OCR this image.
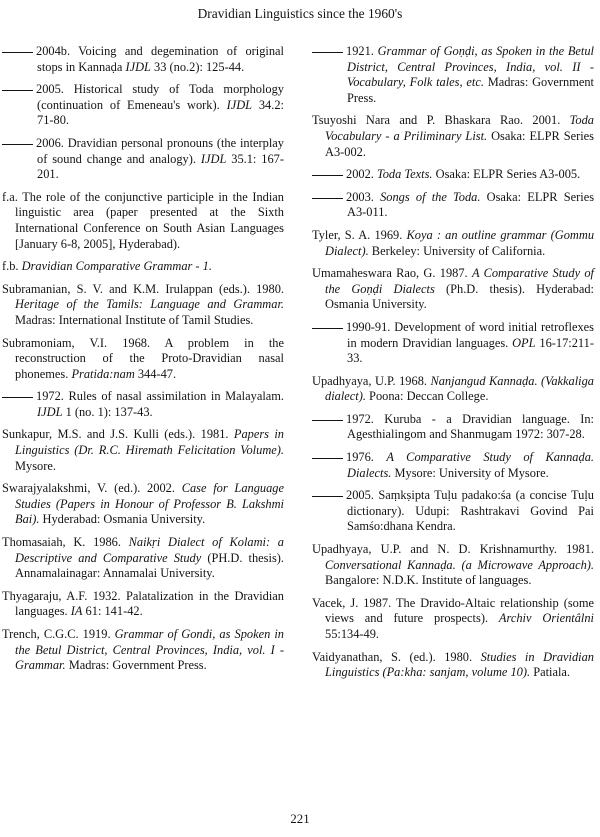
Dravidian Linguistics since the 1960's

2004b. Voicing and degemination of original stops in Kannaḍa IJDL 33 (no.2): 125-44.

2005. Historical study of Toda morphology (continuation of Emeneau's work). IJDL 34.2: 71-80.

2006. Dravidian personal pronouns (the interplay of sound change and analogy). IJDL 35.1: 167-201.

f.a. The role of the conjunctive participle in the Indian linguistic area (paper presented at the Sixth International Conference on South Asian Languages [January 6-8, 2005], Hyderabad).

f.b. Dravidian Comparative Grammar - 1.

Subramanian, S. V. and K.M. Irulappan (eds.). 1980. Heritage of the Tamils: Language and Grammar. Madras: International Institute of Tamil Studies.

Subramoniam, V.I. 1968. A problem in the reconstruction of the Proto-Dravidian nasal phonemes. Pratida:nam 344-47.

1972. Rules of nasal assimilation in Malayalam. IJDL 1 (no. 1): 137-43.

Sunkapur, M.S. and J.S. Kulli (eds.). 1981. Papers in Linguistics (Dr. R.C. Hiremath Felicitation Volume). Mysore.

Swarajyalakshmi, V. (ed.). 2002. Case for Language Studies (Papers in Honour of Professor B. Lakshmi Bai). Hyderabad: Osmania University.

Thomasaiah, K. 1986. Naikṛi Dialect of Kolami: a Descriptive and Comparative Study (PH.D. thesis). Annamalainagar: Annamalai University.

Thyagaraju, A.F. 1932. Palatalization in the Dravidian languages. IA 61: 141-42.

Trench, C.G.C. 1919. Grammar of Gondi, as Spoken in the Betul District, Central Provinces, India, vol. I - Grammar. Madras: Government Press.

1921. Grammar of Goṇḍi, as Spoken in the Betul District, Central Provinces, India, vol. II - Vocabulary, Folk tales, etc. Madras: Government Press.

Tsuyoshi Nara and P. Bhaskara Rao. 2001. Toda Vocabulary - a Priliminary List. Osaka: ELPR Series A3-002.

2002. Toda Texts. Osaka: ELPR Series A3-005.

2003. Songs of the Toda. Osaka: ELPR Series A3-011.

Tyler, S. A. 1969. Koya : an outline grammar (Gommu Dialect). Berkeley: University of California.

Umamaheswara Rao, G. 1987. A Comparative Study of the Goṇḍi Dialects (Ph.D. thesis). Hyderabad: Osmania University.

1990-91. Development of word initial retroflexes in modern Dravidian languages. OPL 16-17:211-33.

Upadhyaya, U.P. 1968. Nanjangud Kannaḍa. (Vakkaliga dialect). Poona: Deccan College.

1972. Kuruba - a Dravidian language. In: Agesthialingom and Shanmugam 1972: 307-28.

1976. A Comparative Study of Kannaḍa. Dialects. Mysore: University of Mysore.

2005. Saṃkṣipta Tuḷu padako:śa (a concise Tuḷu dictionary). Udupi: Rashtrakavi Govind Pai Samśo:dhana Kendra.

Upadhyaya, U.P. and N. D. Krishnamurthy. 1981. Conversational Kannaḍa. (a Microwave Approach). Bangalore: N.D.K. Institute of languages.

Vacek, J. 1987. The Dravido-Altaic relationship (some views and future prospects). Archiv Orientâlni 55:134-49.

Vaidyanathan, S. (ed.). 1980. Studies in Dravidian Linguistics (Pa:kha: sanjam, volume 10). Patiala.

221
